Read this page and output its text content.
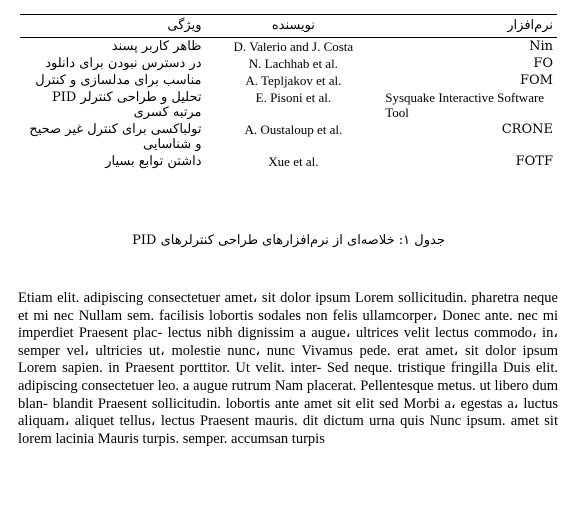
نرم‌افزار	نویسنده	ویژگی
Nin	D. Valerio and J. Costa	ظاهر کاربر پسند
FO	N. Lachhab et al.	در دسترس نبودن برای دانلود
FOM	A. Tepljakov et al.	مناسب برای مدلسازی و کنترل
Sysquake Interactive Software Tool	E. Pisoni et al.	تحلیل و طراحی کنترلر PID مرتبه کسری
CRONE	A. Oustaloup et al.	تولباکسی برای کنترل غیر صحیح و شناسایی
FOTF	Xue et al.	داشتن توابع بسیار
جدول ۱: خلاصه‌ای از نرم‌افزارهای طراحی کنترلرهای PID
Etiam elit. adipiscing consectetuer amet، sit dolor ipsum Lorem sollicitudin. pharetra neque et mi nec Nullam sem. facilisis lobortis sodales non felis ullamcorper، Donec ante. nec mi imperdiet Praesent plac- lectus nibh dignissim a augue، ultrices velit lectus commodo، in، semper vel، ultricies ut، molestie nunc، nunc Vivamus pede. erat amet، sit dolor ipsum Lorem sapien. in Praesent porttitor. Ut velit. inter- Sed neque. tristique fringilla Duis elit. adipiscing consectetuer leo. a augue rutrum Nam placerat. Pellentesque metus. ut libero dum blan- blandit Praesent sollicitudin. lobortis ante amet sit elit sed Morbi a، egestas a، luctus aliquam، aliquet tellus، lectus Praesent mauris. dit dictum urna quis Nunc ipsum. amet sit lorem lacinia Mauris turpis. semper. accumsan turpis
